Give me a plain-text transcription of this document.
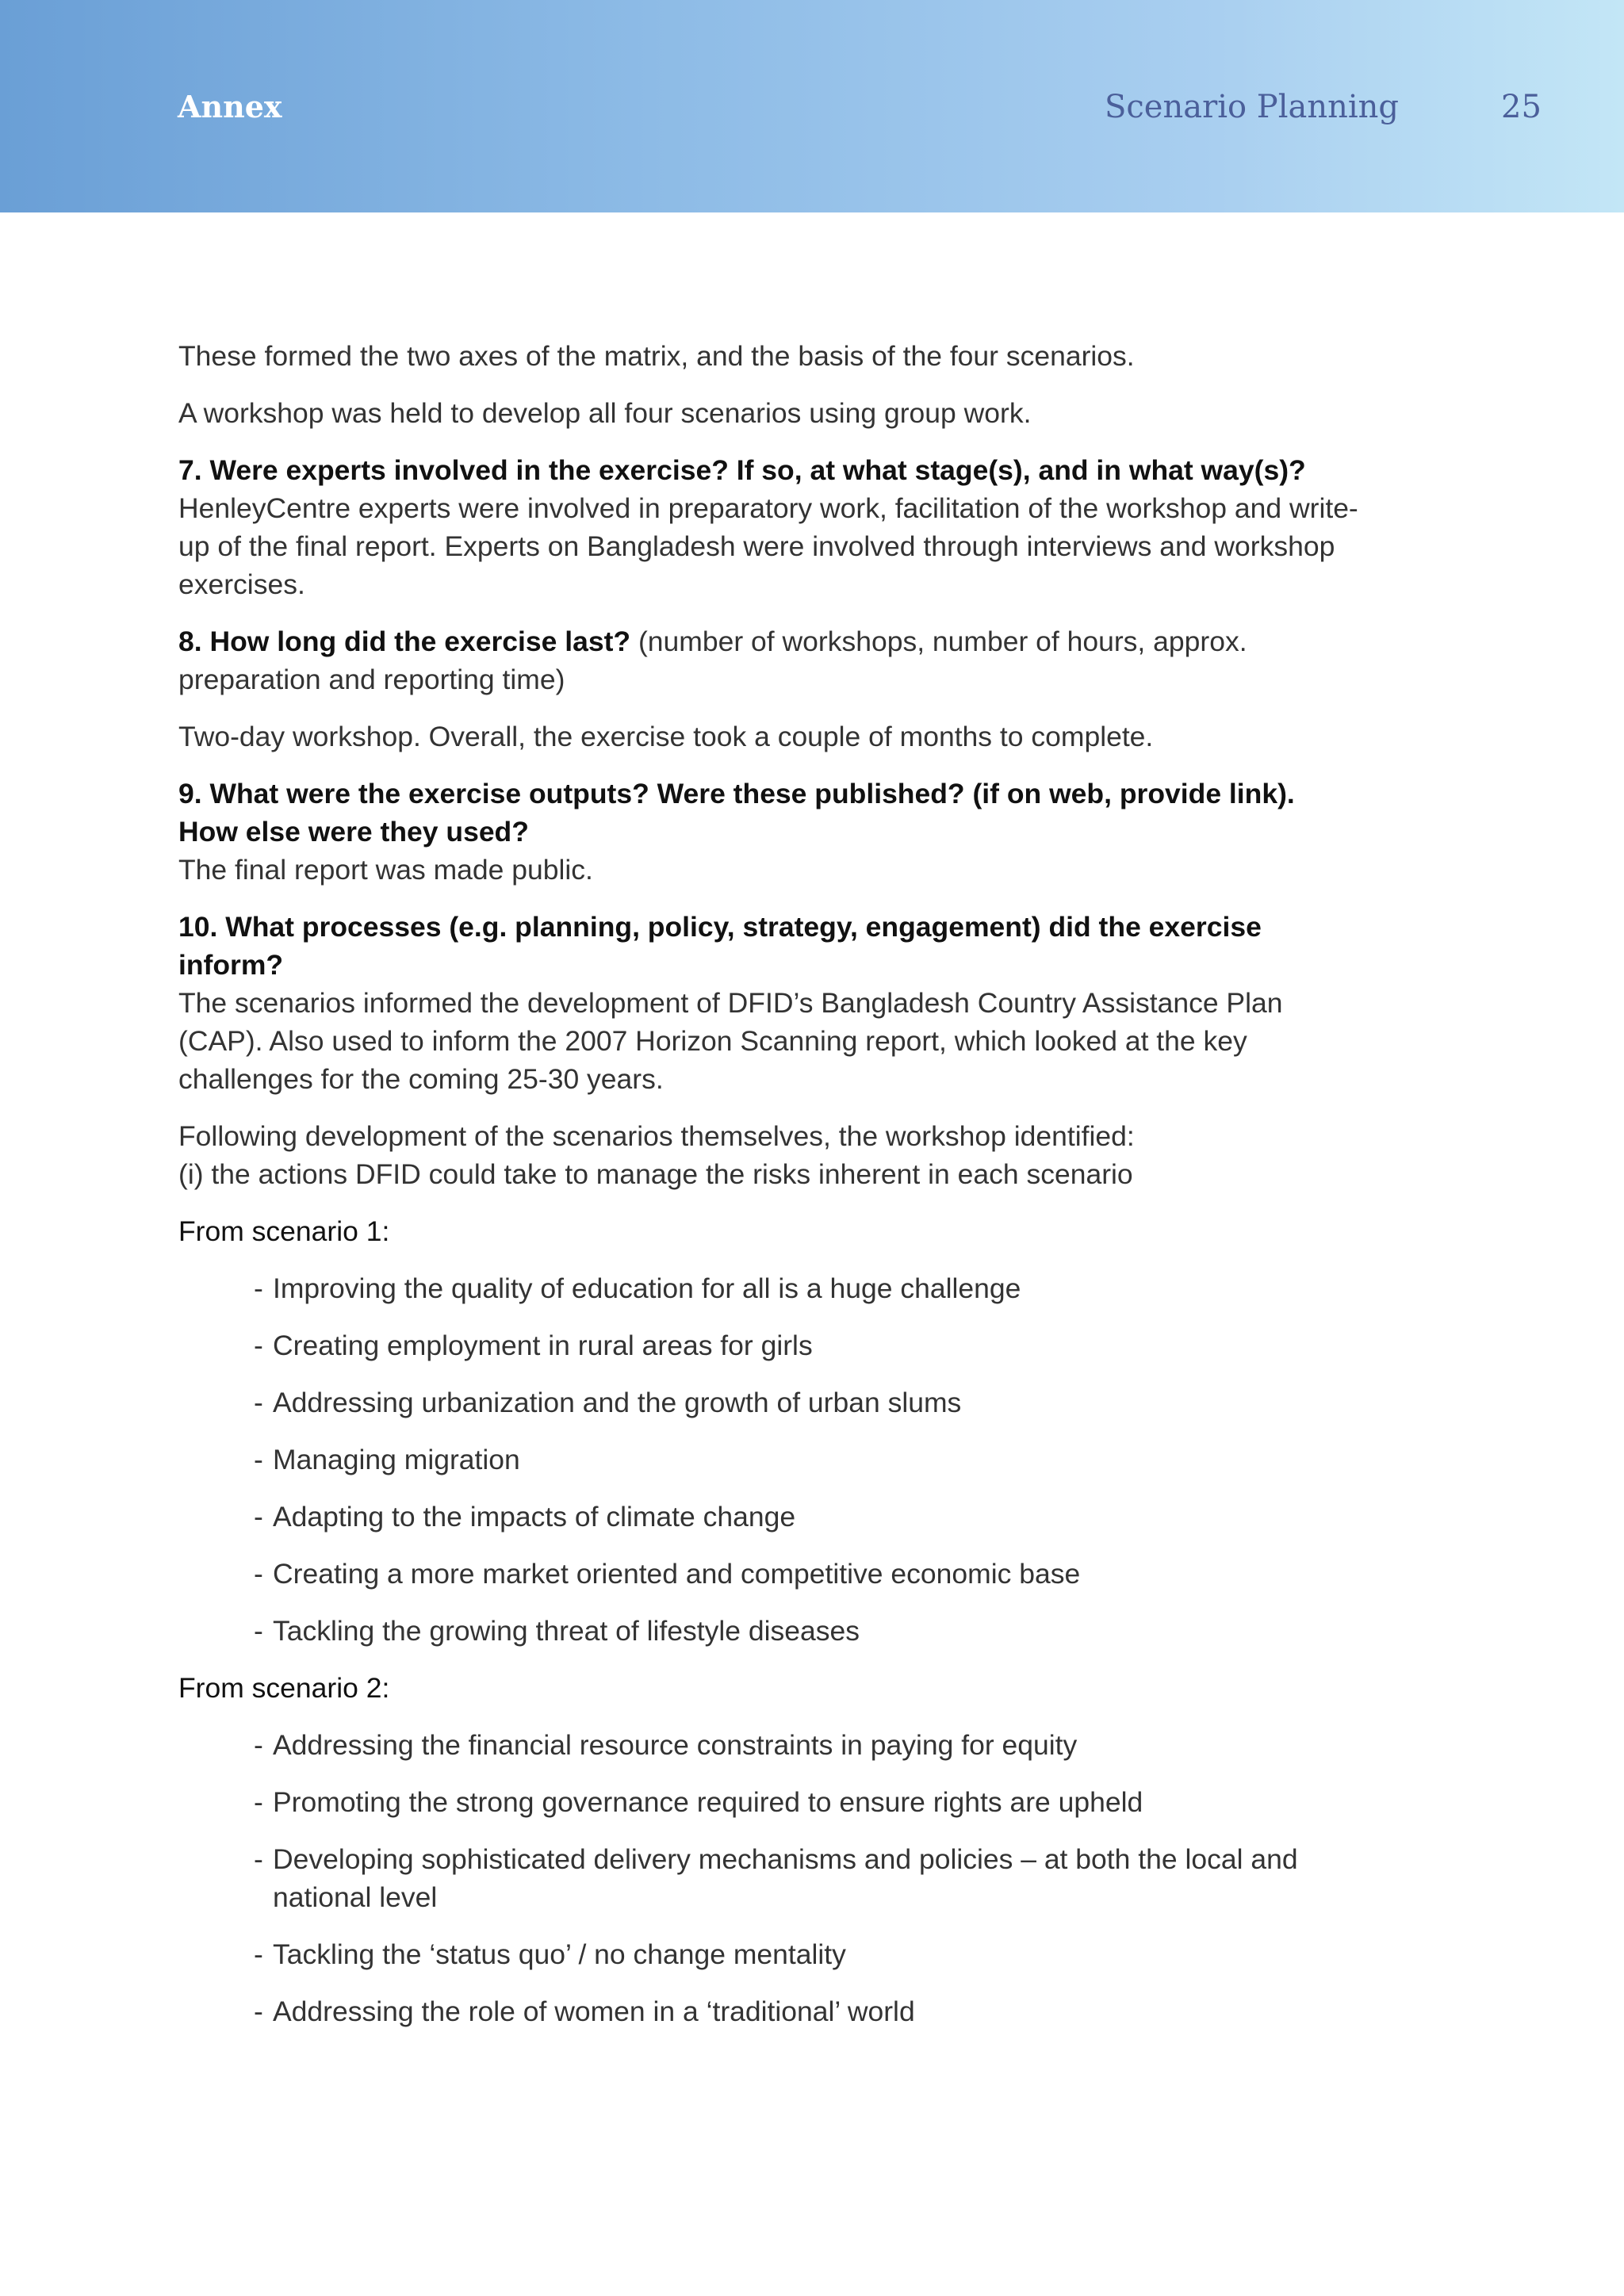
Annex	Scenario Planning	25

These formed the two axes of the matrix, and the basis of the four scenarios.

A workshop was held to develop all four scenarios using group work.

7. Were experts involved in the exercise? If so, at what stage(s), and in what way(s)?
HenleyCentre experts were involved in preparatory work, facilitation of the workshop and write-up of the final report. Experts on Bangladesh were involved through interviews and workshop exercises.

8. How long did the exercise last? (number of workshops, number of hours, approx. preparation and reporting time)

Two-day workshop. Overall, the exercise took a couple of months to complete.

9. What were the exercise outputs? Were these published? (if on web, provide link).
How else were they used?
The final report was made public.

10. What processes (e.g. planning, policy, strategy, engagement) did the exercise inform?
The scenarios informed the development of DFID’s Bangladesh Country Assistance Plan (CAP). Also used to inform the 2007 Horizon Scanning report, which looked at the key challenges for the coming 25-30 years.

Following development of the scenarios themselves, the workshop identified:
(i) the actions DFID could take to manage the risks inherent in each scenario

From scenario 1:

- Improving the quality of education for all is a huge challenge
- Creating employment in rural areas for girls
- Addressing urbanization and the growth of urban slums
- Managing migration
- Adapting to the impacts of climate change
- Creating a more market oriented and competitive economic base
- Tackling the growing threat of lifestyle diseases

From scenario 2:

- Addressing the financial resource constraints in paying for equity
- Promoting the strong governance required to ensure rights are upheld
- Developing sophisticated delivery mechanisms and policies – at both the local and national level
- Tackling the ‘status quo’ / no change mentality
- Addressing the role of women in a ‘traditional’ world
